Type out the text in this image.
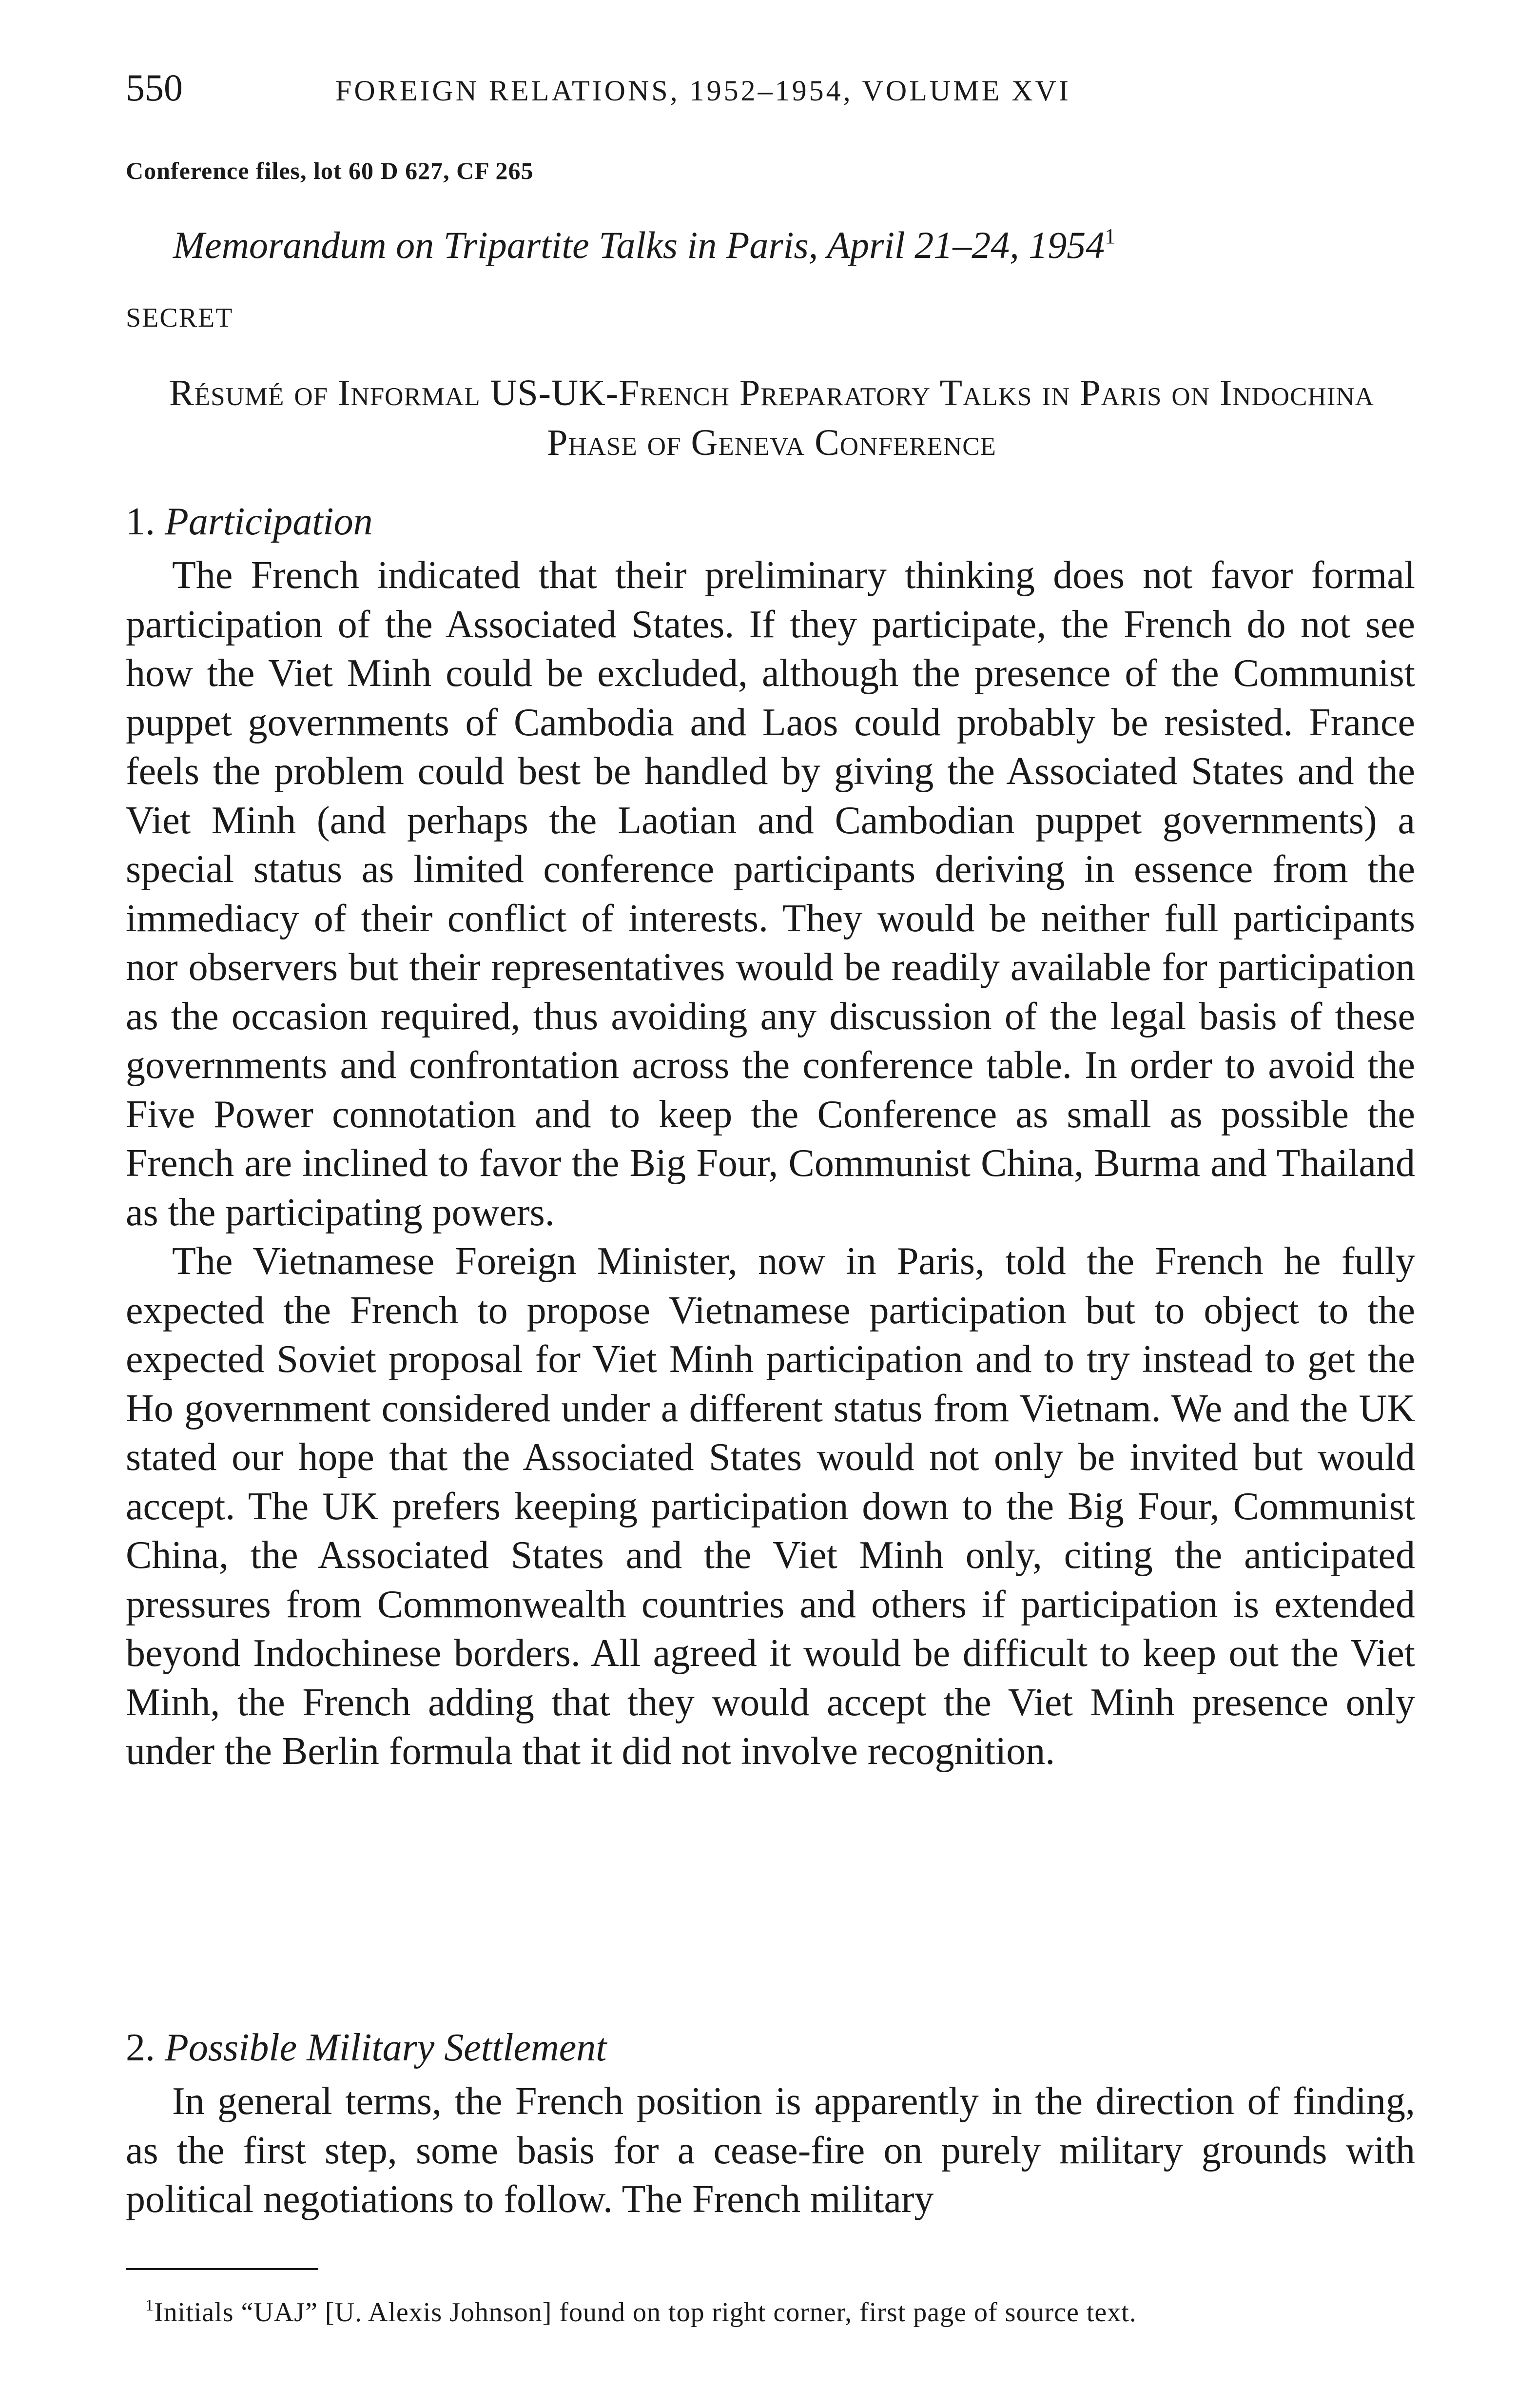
550	FOREIGN RELATIONS, 1952–1954, VOLUME XVI
Conference files, lot 60 D 627, CF 265
Memorandum on Tripartite Talks in Paris, April 21–24, 1954$^1$
SECRET
Résumé of Informal US-UK-French Preparatory Talks in Paris on Indochina Phase of Geneva Conference
1. Participation

The French indicated that their preliminary thinking does not favor formal participation of the Associated States. If they participate, the French do not see how the Viet Minh could be excluded, although the presence of the Communist puppet governments of Cambodia and Laos could probably be resisted. France feels the problem could best be handled by giving the Associated States and the Viet Minh (and perhaps the Laotian and Cambodian puppet governments) a special status as limited conference participants deriving in essence from the immediacy of their conflict of interests. They would be neither full participants nor observers but their representatives would be readily available for participation as the occasion required, thus avoiding any discussion of the legal basis of these governments and confrontation across the conference table. In order to avoid the Five Power connotation and to keep the Conference as small as possible the French are inclined to favor the Big Four, Communist China, Burma and Thailand as the participating powers.

The Vietnamese Foreign Minister, now in Paris, told the French he fully expected the French to propose Vietnamese participation but to object to the expected Soviet proposal for Viet Minh participation and to try instead to get the Ho government considered under a different status from Vietnam. We and the UK stated our hope that the Associated States would not only be invited but would accept. The UK prefers keeping participation down to the Big Four, Communist China, the Associated States and the Viet Minh only, citing the anticipated pressures from Commonwealth countries and others if participation is extended beyond Indochinese borders. All agreed it would be difficult to keep out the Viet Minh, the French adding that they would accept the Viet Minh presence only under the Berlin formula that it did not involve recognition.

2. Possible Military Settlement

In general terms, the French position is apparently in the direction of finding, as the first step, some basis for a cease-fire on purely military grounds with political negotiations to follow. The French military

$^1$Initials “UAJ” [U. Alexis Johnson] found on top right corner, first page of source text.
